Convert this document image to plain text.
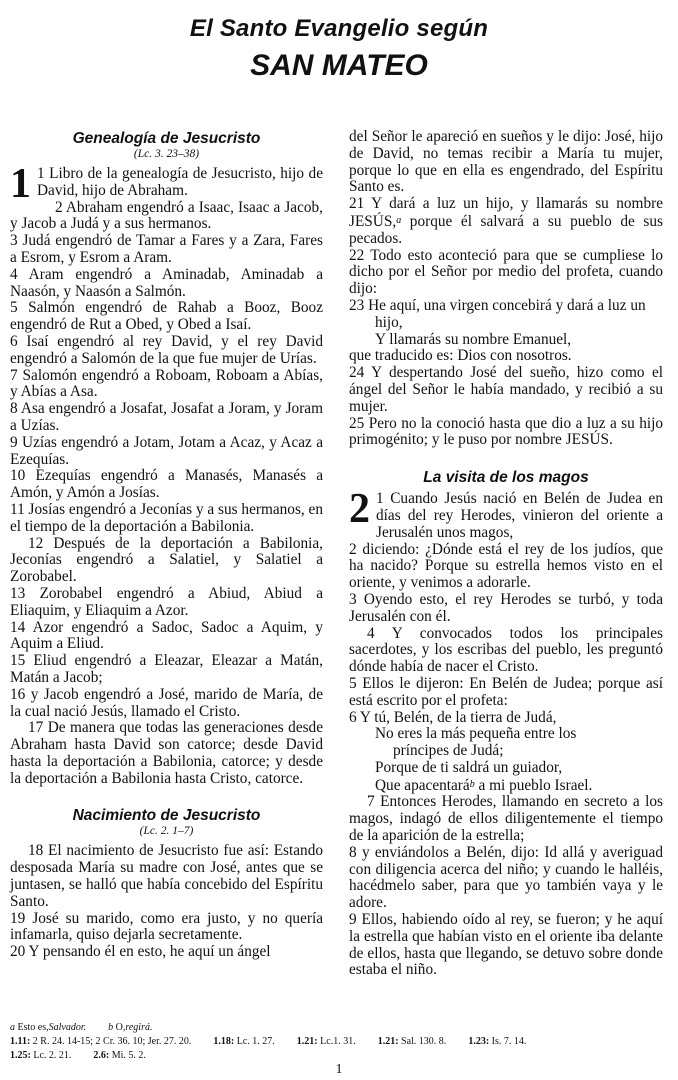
El Santo Evangelio según
SAN MATEO

Genealogía de Jesucristo

(Lc. 3. 23–38)

1 1 Libro de la genealogía de Jesucristo, hijo de David, hijo de Abraham.

2 Abraham engendró a Isaac, Isaac a Jacob, y Jacob a Judá y a sus hermanos.

3 Judá engendró de Tamar a Fares y a Zara, Fares a Esrom, y Esrom a Aram.

4 Aram engendró a Aminadab, Aminadab a Naasón, y Naasón a Salmón.

5 Salmón engendró de Rahab a Booz, Booz engendró de Rut a Obed, y Obed a Isaí.

6 Isaí engendró al rey David, y el rey David engendró a Salomón de la que fue mujer de Urías.

7 Salomón engendró a Roboam, Roboam a Abías, y Abías a Asa.

8 Asa engendró a Josafat, Josafat a Joram, y Joram a Uzías.

9 Uzías engendró a Jotam, Jotam a Acaz, y Acaz a Ezequías.

10 Ezequías engendró a Manasés, Manasés a Amón, y Amón a Josías.

11 Josías engendró a Jeconías y a sus hermanos, en el tiempo de la deportación a Babilonia.

12 Después de la deportación a Babilonia, Jeconías engendró a Salatiel, y Salatiel a Zorobabel.

13 Zorobabel engendró a Abiud, Abiud a Eliaquim, y Eliaquim a Azor.

14 Azor engendró a Sadoc, Sadoc a Aquim, y Aquim a Eliud.

15 Eliud engendró a Eleazar, Eleazar a Matán, Matán a Jacob;

16 y Jacob engendró a José, marido de María, de la cual nació Jesús, llamado el Cristo.

17 De manera que todas las generaciones desde Abraham hasta David son catorce; desde David hasta la deportación a Babilonia, catorce; y desde la deportación a Babilonia hasta Cristo, catorce.

Nacimiento de Jesucristo

(Lc. 2. 1–7)

18 El nacimiento de Jesucristo fue así: Estando desposada María su madre con José, antes que se juntasen, se halló que había concebido del Espíritu Santo.

19 José su marido, como era justo, y no quería infamarla, quiso dejarla secretamente.

20 Y pensando él en esto, he aquí un ángel

del Señor le apareció en sueños y le dijo: José, hijo de David, no temas recibir a María tu mujer, porque lo que en ella es engendrado, del Espíritu Santo es.

21 Y dará a luz un hijo, y llamarás su nombre JESÚS,a porque él salvará a su pueblo de sus pecados.

22 Todo esto aconteció para que se cumpliese lo dicho por el Señor por medio del profeta, cuando dijo:

23 He aquí, una virgen concebirá y dará a luz un hijo,

Y llamarás su nombre Emanuel,

que traducido es: Dios con nosotros.

24 Y despertando José del sueño, hizo como el ángel del Señor le había mandado, y recibió a su mujer.

25 Pero no la conoció hasta que dio a luz a su hijo primogénito; y le puso por nombre JESÚS.

La visita de los magos

2 1 Cuando Jesús nació en Belén de Judea en días del rey Herodes, vinieron del oriente a Jerusalén unos magos,

2 diciendo: ¿Dónde está el rey de los judíos, que ha nacido? Porque su estrella hemos visto en el oriente, y venimos a adorarle.

3 Oyendo esto, el rey Herodes se turbó, y toda Jerusalén con él.

4 Y convocados todos los principales sacerdotes, y los escribas del pueblo, les preguntó dónde había de nacer el Cristo.

5 Ellos le dijeron: En Belén de Judea; porque así está escrito por el profeta:

6 Y tú, Belén, de la tierra de Judá,

No eres la más pequeña entre los

príncipes de Judá;

Porque de ti saldrá un guiador,

Que apacentaráb a mi pueblo Israel.

7 Entonces Herodes, llamando en secreto a los magos, indagó de ellos diligentemente el tiempo de la aparición de la estrella;

8 y enviándolos a Belén, dijo: Id allá y averiguad con diligencia acerca del niño; y cuando le halléis, hacédmelo saber, para que yo también vaya y le adore.

9 Ellos, habiendo oído al rey, se fueron; y he aquí la estrella que habían visto en el oriente iba delante de ellos, hasta que llegando, se detuvo sobre donde estaba el niño.

a
Esto es, Salvador. b
O, regirá.
1.11: 2 R. 24. 14-15; 2 Cr. 36. 10; Jer. 27. 20. 1.18: Lc. 1. 27. 1.21: Lc.1. 31. 1.21: Sal. 130. 8. 1.23: Is. 7. 14.
1.25: Lc. 2. 21. 2.6: Mi. 5. 2.
1
